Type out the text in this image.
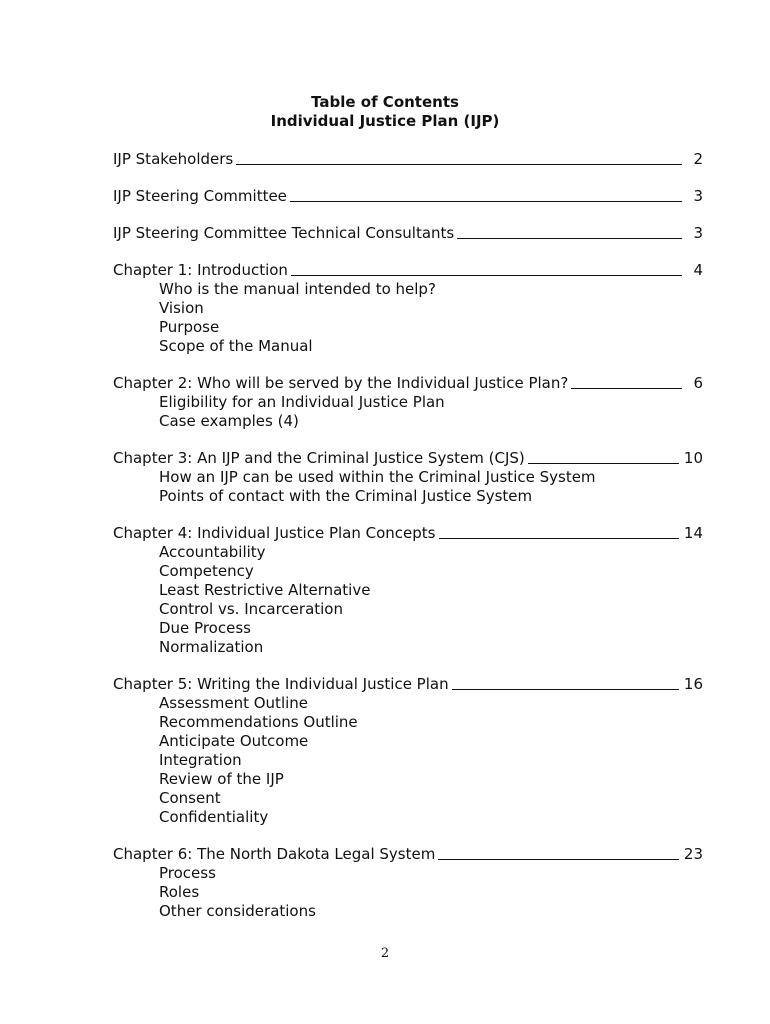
Table of Contents
Individual Justice Plan (IJP)
IJP Stakeholders	2
IJP Steering Committee	3
IJP Steering Committee Technical Consultants	3
Chapter 1: Introduction	4
Who is the manual intended to help?
Vision
Purpose
Scope of the Manual
Chapter 2: Who will be served by the Individual Justice Plan?	6
Eligibility for an Individual Justice Plan
Case examples (4)
Chapter 3: An IJP and the Criminal Justice System (CJS)	10
How an IJP can be used within the Criminal Justice System
Points of contact with the Criminal Justice System
Chapter 4: Individual Justice Plan Concepts	14
Accountability
Competency
Least Restrictive Alternative
Control vs. Incarceration
Due Process
Normalization
Chapter 5: Writing the Individual Justice Plan	16
Assessment Outline
Recommendations Outline
Anticipate Outcome
Integration
Review of the IJP
Consent
Confidentiality
Chapter 6: The North Dakota Legal System	23
Process
Roles
Other considerations
2
